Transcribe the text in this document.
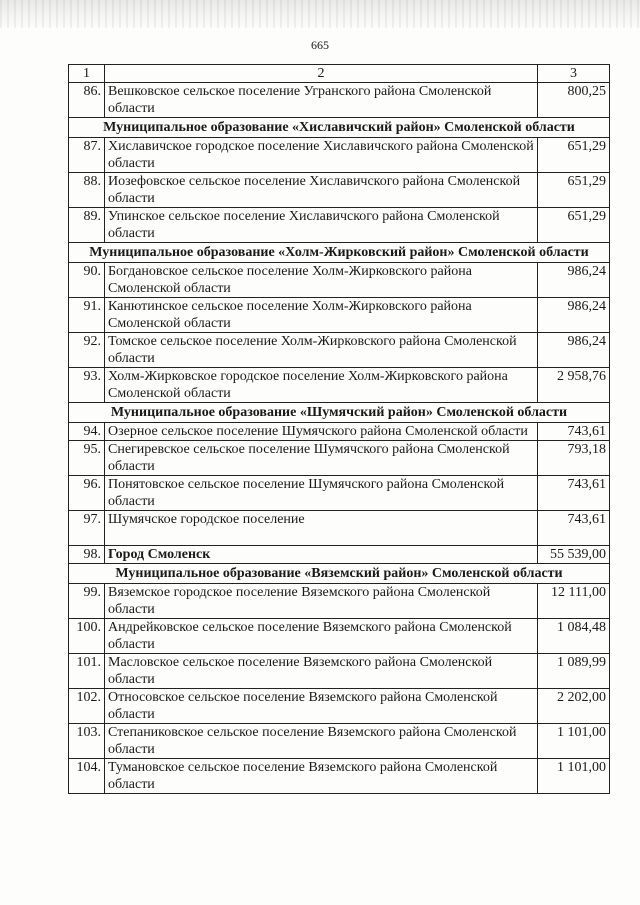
665
1	2	3
86.	Вешковское сельское поселение Угранского района Смоленской области	800,25
Муниципальное образование «Хиславичский район» Смоленской области		
87.	Хиславичское городское поселение Хиславичского района Смоленской области	651,29
88.	Иозефовское сельское поселение Хиславичского района Смоленской области	651,29
89.	Упинское сельское поселение Хиславичского района Смоленской области	651,29
Муниципальное образование «Холм-Жирковский район» Смоленской области		
90.	Богдановское сельское поселение Холм-Жирковского района Смоленской области	986,24
91.	Канютинское сельское поселение Холм-Жирковского района Смоленской области	986,24
92.	Томское сельское поселение Холм-Жирковского района Смоленской области	986,24
93.	Холм-Жирковское городское поселение Холм-Жирковского района Смоленской области	2 958,76
Муниципальное образование «Шумячский район» Смоленской области		
94.	Озерное сельское поселение Шумячского района Смоленской области	743,61
95.	Снегиревское сельское поселение Шумячского района Смоленской области	793,18
96.	Понятовское сельское поселение Шумячского района Смоленской области	743,61
97.	Шумячское городское поселение	743,61
98.	Город Смоленск	55 539,00
Муниципальное образование «Вяземский район» Смоленской области		
99.	Вяземское городское поселение Вяземского района Смоленской области	12 111,00
100.	Андрейковское сельское поселение Вяземского района Смоленской области	1 084,48
101.	Масловское сельское поселение Вяземского района Смоленской области	1 089,99
102.	Относовское сельское поселение Вяземского района Смоленской области	2 202,00
103.	Степаниковское сельское поселение Вяземского района Смоленской области	1 101,00
104.	Тумановское сельское поселение Вяземского района Смоленской области	1 101,00
